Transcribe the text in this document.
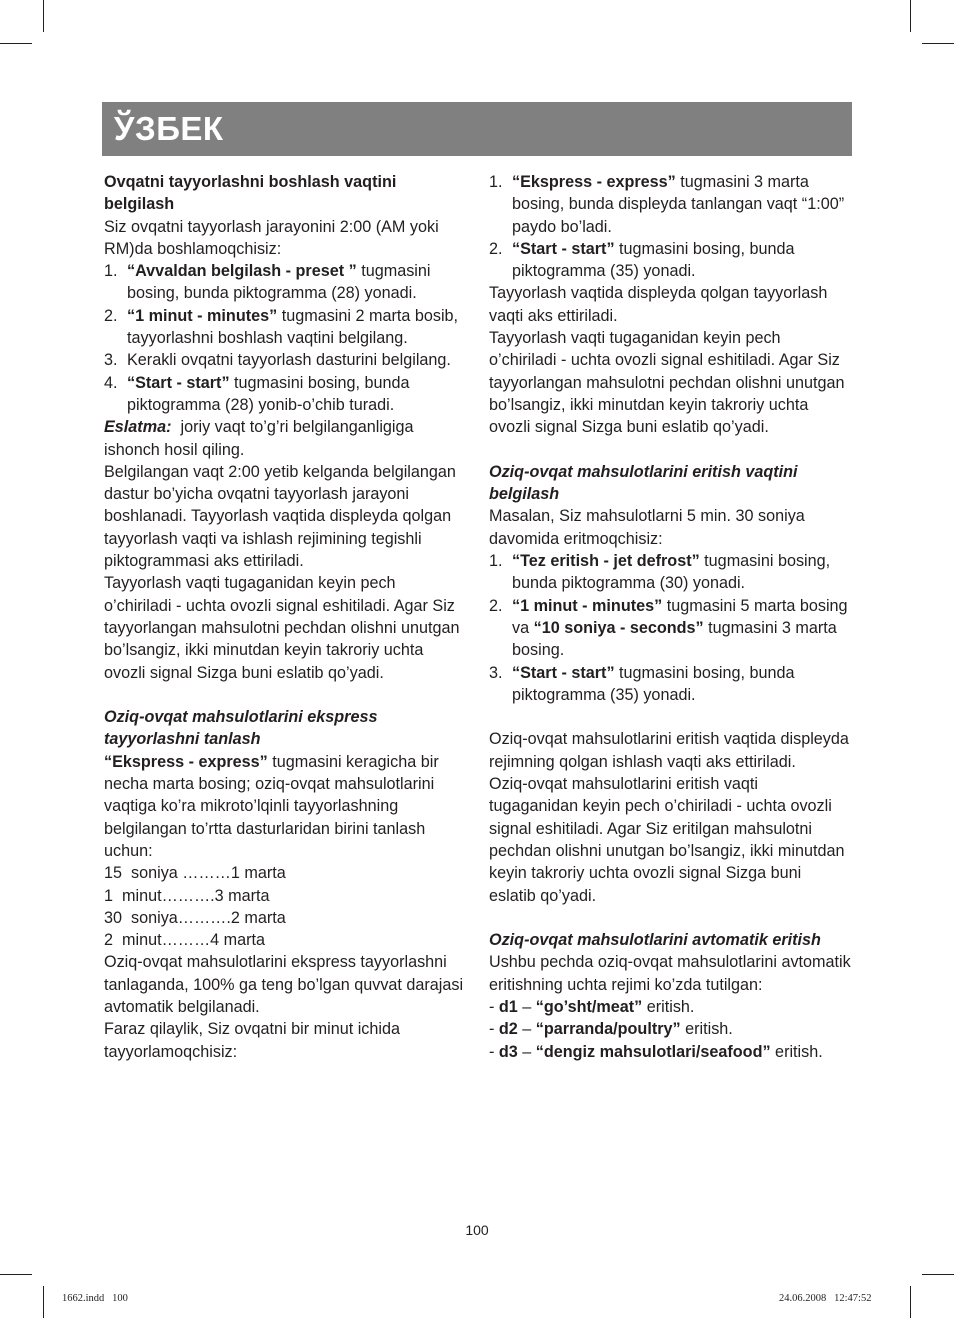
ЎЗБЕК

Ovqatni tayyorlashni boshlash vaqtini belgilash

Siz ovqatni tayyorlash jarayonini 2:00 (AM yoki RM)da boshlamoqchisiz:

1. “Avvaldan belgilash - preset ” tugmasini bosing, bunda piktogramma (28) yonadi.
2. “1 minut - minutes” tugmasini 2 marta bosib, tayyorlashni boshlash vaqtini belgilang.
3. Kerakli ovqatni tayyorlash dasturini belgilang.
4. “Start - start” tugmasini bosing, bunda piktogramma (28) yonib-o’chib turadi.

Eslatma:  joriy vaqt to’g’ri belgilanganligiga ishonch hosil qiling.

Belgilangan vaqt 2:00 yetib kelganda belgilangan dastur bo’yicha ovqatni tayyorlash jarayoni boshlanadi. Tayyorlash vaqtida displeyda qolgan tayyorlash vaqti va ishlash rejimining tegishli piktogrammasi aks ettiriladi.

Tayyorlash vaqti tugaganidan keyin pech o’chiriladi - uchta ovozli signal eshitiladi. Agar Siz tayyorlangan mahsulotni pechdan olishni unutgan bo’lsangiz, ikki minutdan keyin takroriy uchta ovozli signal Sizga buni eslatib qo’yadi.

Oziq-ovqat mahsulotlarini ekspress tayyorlashni tanlash

“Ekspress - express” tugmasini keragicha bir necha marta bosing; oziq-ovqat mahsulotlarini vaqtiga ko’ra mikroto’lqinli tayyorlashning belgilangan to’rtta dasturlaridan birini tanlash uchun:

15  soniya ………1 marta

1  minut……….3 marta

30  soniya……….2 marta

2  minut………4 marta

Oziq-ovqat mahsulotlarini ekspress tayyorlashni tanlaganda, 100% ga teng bo’lgan quvvat darajasi avtomatik belgilanadi.

Faraz qilaylik, Siz ovqatni bir minut ichida tayyorlamoqchisiz:

1. “Ekspress - express” tugmasini 3 marta bosing, bunda displeyda tanlangan vaqt “1:00” paydo bo’ladi.
2. “Start - start” tugmasini bosing, bunda piktogramma (35) yonadi.

Tayyorlash vaqtida displeyda qolgan tayyorlash vaqti aks ettiriladi.

Tayyorlash vaqti tugaganidan keyin pech o’chiriladi - uchta ovozli signal eshitiladi. Agar Siz tayyorlangan mahsulotni pechdan olishni unutgan bo’lsangiz, ikki minutdan keyin takroriy uchta ovozli signal Sizga buni eslatib qo’yadi.

Oziq-ovqat mahsulotlarini eritish vaqtini belgilash

Masalan, Siz mahsulotlarni 5 min. 30 soniya davomida eritmoqchisiz:

1. “Tez eritish - jet defrost” tugmasini bosing, bunda piktogramma (30) yonadi.
2. “1 minut - minutes” tugmasini 5 marta bosing va “10 soniya - seconds” tugmasini 3 marta bosing.
3. “Start - start” tugmasini bosing, bunda piktogramma (35) yonadi.

Oziq-ovqat mahsulotlarini eritish vaqtida displeyda rejimning qolgan ishlash vaqti aks ettiriladi.

Oziq-ovqat mahsulotlarini eritish vaqti tugaganidan keyin pech o’chiriladi - uchta ovozli signal eshitiladi. Agar Siz eritilgan mahsulotni pechdan olishni unutgan bo’lsangiz, ikki minutdan keyin takroriy uchta ovozli signal Sizga buni eslatib qo’yadi.

Oziq-ovqat mahsulotlarini avtomatik eritish

Ushbu pechda oziq-ovqat mahsulotlarini avtomatik eritishning uchta rejimi ko’zda tutilgan:

- d1 – “go’sht/meat” eritish.

- d2 – “parranda/poultry” eritish.

- d3 – “dengiz mahsulotlari/seafood” eritish.

100
1662.indd   100	24.06.2008   12:47:52
